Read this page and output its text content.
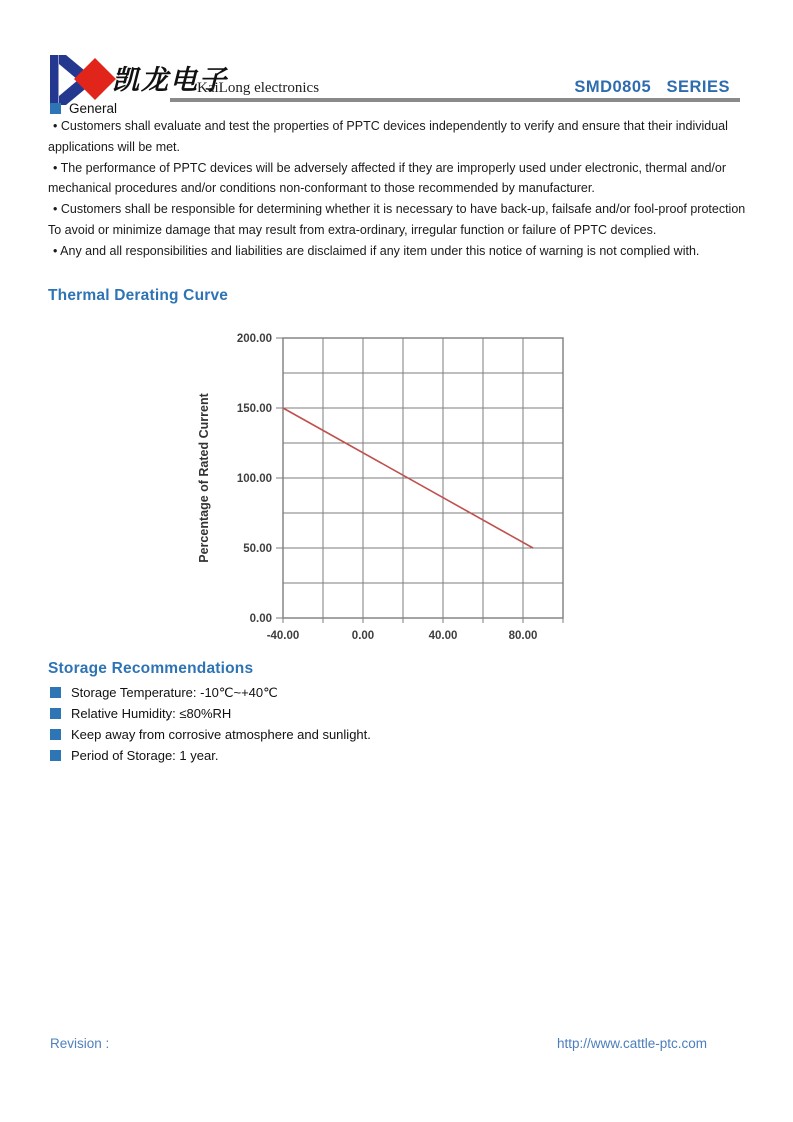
凯龙电子
KaiLong electronics	SMD0805   SERIES
General
• Customers shall evaluate and test the properties of PPTC devices independently to verify and ensure that their individual
applications will be met.
• The performance of PPTC devices will be adversely affected if they are improperly used under electronic, thermal and/or
mechanical procedures and/or conditions non-conformant to those recommended by manufacturer.
• Customers shall be responsible for determining whether it is necessary to have back-up, failsafe and/or fool-proof protection
To avoid or minimize damage that may result from extra-ordinary, irregular function or failure of PPTC devices.
• Any and all responsibilities and liabilities are disclaimed if any item under this notice of warning is not complied with.
Thermal Derating Curve
-40.00	0.00	40.00	80.00
0.00
50.00
100.00
150.00
200.00
Percentage of Rated Current
Storage Recommendations
Storage Temperature: -10℃~+40℃
Relative Humidity: ≤80%RH
Keep away from corrosive atmosphere and sunlight.
Period of Storage: 1 year.
Revision :	http://www.cattle-ptc.com
